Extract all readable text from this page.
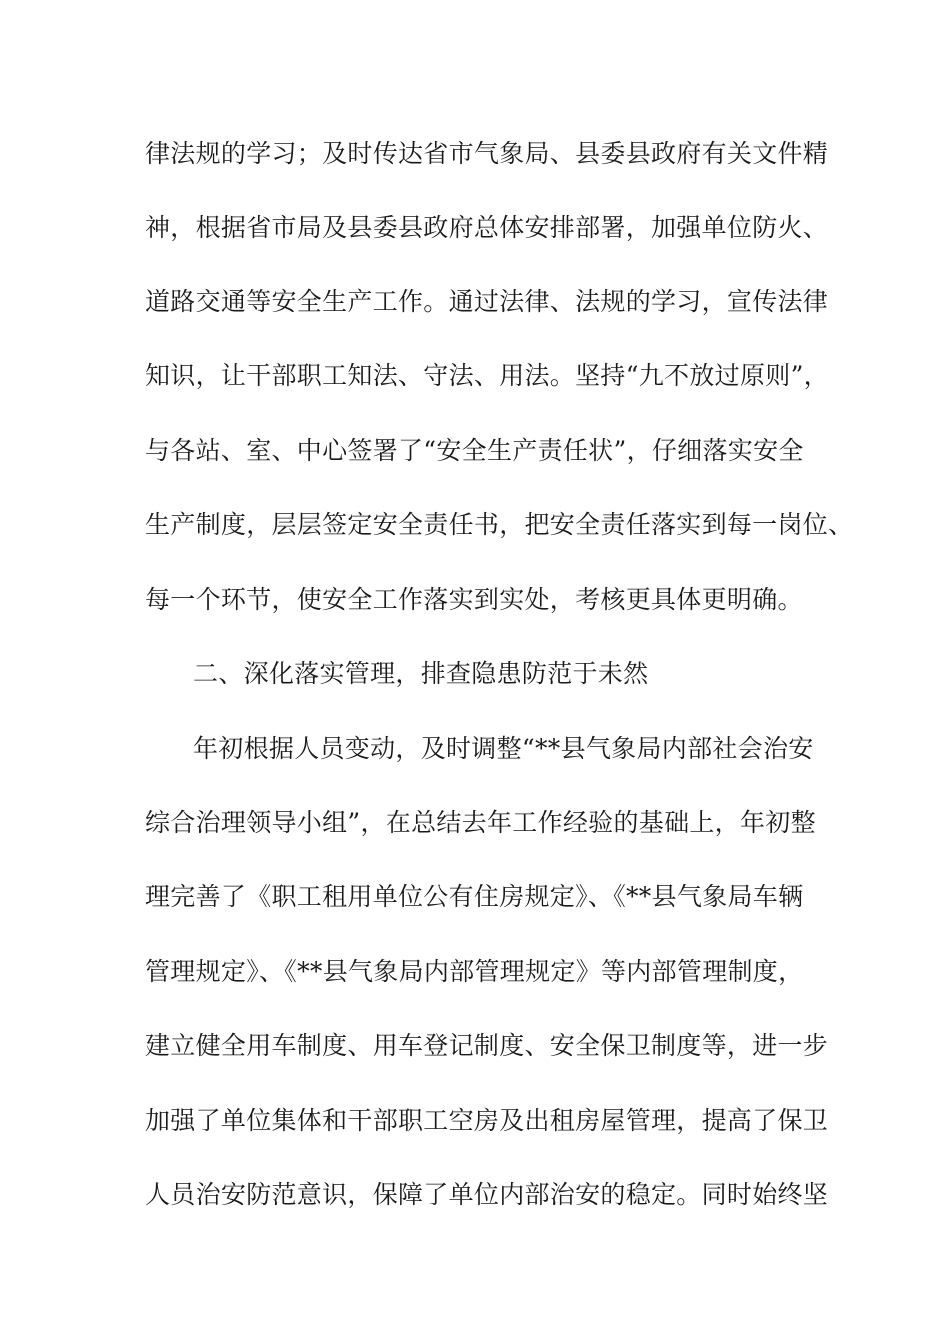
律法规的学习；及时传达省市气象局、县委县政府有关文件精
神，根据省市局及县委县政府总体安排部署，加强单位防火、
道路交通等安全生产工作。通过法律、法规的学习，宣传法律
知识，让干部职工知法、守法、用法。坚持“九不放过原则”，
与各站、室、中心签署了“安全生产责任状”，仔细落实安全
生产制度，层层签定安全责任书，把安全责任落实到每一岗位、
每一个环节，使安全工作落实到实处，考核更具体更明确。
二、深化落实管理，排查隐患防范于未然
年初根据人员变动，及时调整“**县气象局内部社会治安
综合治理领导小组”，在总结去年工作经验的基础上，年初整
理完善了《职工租用单位公有住房规定》、《**县气象局车辆
管理规定》、《**县气象局内部管理规定》等内部管理制度，
建立健全用车制度、用车登记制度、安全保卫制度等，进一步
加强了单位集体和干部职工空房及出租房屋管理，提高了保卫
人员治安防范意识，保障了单位内部治安的稳定。同时始终坚
